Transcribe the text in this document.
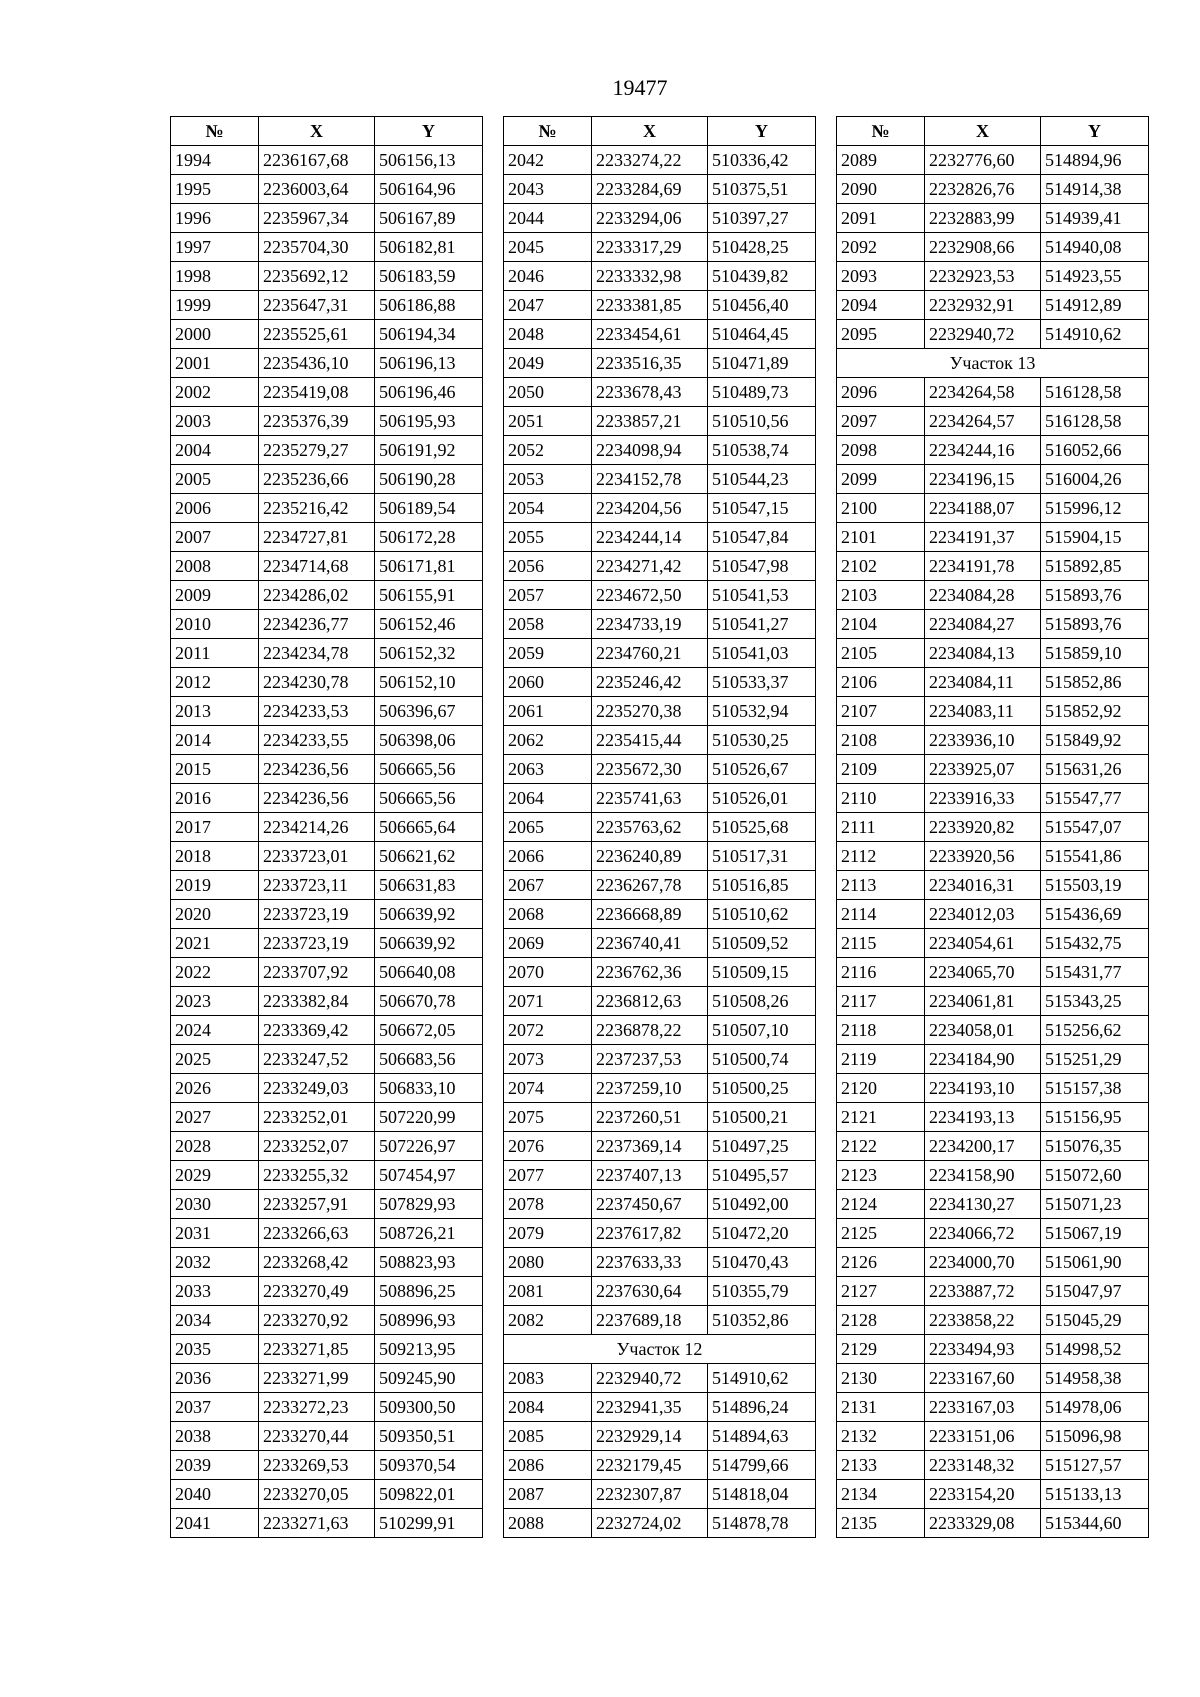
19477
№	X	Y
1994	2236167,68	506156,13
1995	2236003,64	506164,96
1996	2235967,34	506167,89
1997	2235704,30	506182,81
1998	2235692,12	506183,59
1999	2235647,31	506186,88
2000	2235525,61	506194,34
2001	2235436,10	506196,13
2002	2235419,08	506196,46
2003	2235376,39	506195,93
2004	2235279,27	506191,92
2005	2235236,66	506190,28
2006	2235216,42	506189,54
2007	2234727,81	506172,28
2008	2234714,68	506171,81
2009	2234286,02	506155,91
2010	2234236,77	506152,46
2011	2234234,78	506152,32
2012	2234230,78	506152,10
2013	2234233,53	506396,67
2014	2234233,55	506398,06
2015	2234236,56	506665,56
2016	2234236,56	506665,56
2017	2234214,26	506665,64
2018	2233723,01	506621,62
2019	2233723,11	506631,83
2020	2233723,19	506639,92
2021	2233723,19	506639,92
2022	2233707,92	506640,08
2023	2233382,84	506670,78
2024	2233369,42	506672,05
2025	2233247,52	506683,56
2026	2233249,03	506833,10
2027	2233252,01	507220,99
2028	2233252,07	507226,97
2029	2233255,32	507454,97
2030	2233257,91	507829,93
2031	2233266,63	508726,21
2032	2233268,42	508823,93
2033	2233270,49	508896,25
2034	2233270,92	508996,93
2035	2233271,85	509213,95
2036	2233271,99	509245,90
2037	2233272,23	509300,50
2038	2233270,44	509350,51
2039	2233269,53	509370,54
2040	2233270,05	509822,01
2041	2233271,63	510299,91
№	X	Y
2042	2233274,22	510336,42
2043	2233284,69	510375,51
2044	2233294,06	510397,27
2045	2233317,29	510428,25
2046	2233332,98	510439,82
2047	2233381,85	510456,40
2048	2233454,61	510464,45
2049	2233516,35	510471,89
2050	2233678,43	510489,73
2051	2233857,21	510510,56
2052	2234098,94	510538,74
2053	2234152,78	510544,23
2054	2234204,56	510547,15
2055	2234244,14	510547,84
2056	2234271,42	510547,98
2057	2234672,50	510541,53
2058	2234733,19	510541,27
2059	2234760,21	510541,03
2060	2235246,42	510533,37
2061	2235270,38	510532,94
2062	2235415,44	510530,25
2063	2235672,30	510526,67
2064	2235741,63	510526,01
2065	2235763,62	510525,68
2066	2236240,89	510517,31
2067	2236267,78	510516,85
2068	2236668,89	510510,62
2069	2236740,41	510509,52
2070	2236762,36	510509,15
2071	2236812,63	510508,26
2072	2236878,22	510507,10
2073	2237237,53	510500,74
2074	2237259,10	510500,25
2075	2237260,51	510500,21
2076	2237369,14	510497,25
2077	2237407,13	510495,57
2078	2237450,67	510492,00
2079	2237617,82	510472,20
2080	2237633,33	510470,43
2081	2237630,64	510355,79
2082	2237689,18	510352,86
Участок 12		
2083	2232940,72	514910,62
2084	2232941,35	514896,24
2085	2232929,14	514894,63
2086	2232179,45	514799,66
2087	2232307,87	514818,04
2088	2232724,02	514878,78
№	X	Y
2089	2232776,60	514894,96
2090	2232826,76	514914,38
2091	2232883,99	514939,41
2092	2232908,66	514940,08
2093	2232923,53	514923,55
2094	2232932,91	514912,89
2095	2232940,72	514910,62
Участок 13		
2096	2234264,58	516128,58
2097	2234264,57	516128,58
2098	2234244,16	516052,66
2099	2234196,15	516004,26
2100	2234188,07	515996,12
2101	2234191,37	515904,15
2102	2234191,78	515892,85
2103	2234084,28	515893,76
2104	2234084,27	515893,76
2105	2234084,13	515859,10
2106	2234084,11	515852,86
2107	2234083,11	515852,92
2108	2233936,10	515849,92
2109	2233925,07	515631,26
2110	2233916,33	515547,77
2111	2233920,82	515547,07
2112	2233920,56	515541,86
2113	2234016,31	515503,19
2114	2234012,03	515436,69
2115	2234054,61	515432,75
2116	2234065,70	515431,77
2117	2234061,81	515343,25
2118	2234058,01	515256,62
2119	2234184,90	515251,29
2120	2234193,10	515157,38
2121	2234193,13	515156,95
2122	2234200,17	515076,35
2123	2234158,90	515072,60
2124	2234130,27	515071,23
2125	2234066,72	515067,19
2126	2234000,70	515061,90
2127	2233887,72	515047,97
2128	2233858,22	515045,29
2129	2233494,93	514998,52
2130	2233167,60	514958,38
2131	2233167,03	514978,06
2132	2233151,06	515096,98
2133	2233148,32	515127,57
2134	2233154,20	515133,13
2135	2233329,08	515344,60
